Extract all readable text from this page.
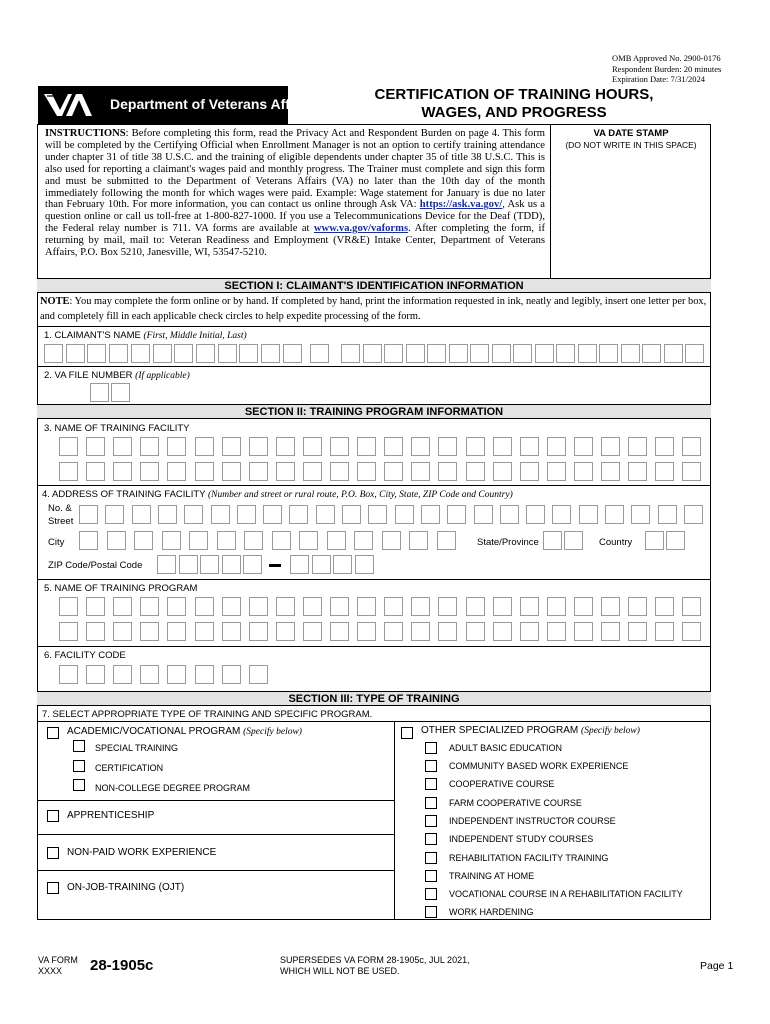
OMB Approved No. 2900-0176
Respondent Burden: 20 minutes
Expiration Date: 7/31/2024
Department of Veterans Affairs
CERTIFICATION OF TRAINING HOURS,
WAGES, AND PROGRESS
INSTRUCTIONS: Before completing this form, read the Privacy Act and Respondent Burden on page 4. This form will be completed by the Certifying Official when Enrollment Manager is not an option to certify training attendance under chapter 31 of title 38 U.S.C. and the training of eligible dependents under chapter 35 of title 38 U.S.C. This is also used for reporting a claimant's wages paid and monthly progress. The Trainer must complete and sign this form and must be submitted to the Department of Veterans Affairs (VA) no later than the 10th day of the month immediately following the month for which wages were paid. Example: Wage statement for January is due no later than February 10th. For more information, you can contact us online through Ask VA: https://ask.va.gov/, Ask us a question online or call us toll-free at 1-800-827-1000. If you use a Telecommunications Device for the Deaf (TDD), the Federal relay number is 711. VA forms are available at www.va.gov/vaforms. After completing the form, if returning by mail, mail to: Veteran Readiness and Employment (VR&E) Intake Center, Department of Veterans Affairs, P.O. Box 5210, Janesville, WI, 53547-5210.
VA DATE STAMP
(DO NOT WRITE IN THIS SPACE)
SECTION I: CLAIMANT'S IDENTIFICATION INFORMATION
NOTE: You may complete the form online or by hand. If completed by hand, print the information requested in ink, neatly and legibly, insert one letter per box, and completely fill in each applicable check circles to help expedite processing of the form.
1. CLAIMANT'S NAME (First, Middle Initial, Last)
2. VA FILE NUMBER (If applicable)
SECTION II: TRAINING PROGRAM INFORMATION
3. NAME OF TRAINING FACILITY
4. ADDRESS OF TRAINING FACILITY (Number and street or rural route, P.O. Box, City, State, ZIP Code and Country)
No. &
Street
City	State/Province	Country
ZIP Code/Postal Code
5. NAME OF TRAINING PROGRAM
6. FACILITY CODE
SECTION III: TYPE OF TRAINING
7. SELECT APPROPRIATE TYPE OF TRAINING AND SPECIFIC PROGRAM.
ACADEMIC/VOCATIONAL PROGRAM (Specify below)
SPECIAL TRAINING
CERTIFICATION
NON-COLLEGE DEGREE PROGRAM
APPRENTICESHIP
NON-PAID WORK EXPERIENCE
ON-JOB-TRAINING (OJT)
OTHER SPECIALIZED PROGRAM (Specify below)
ADULT BASIC EDUCATION
COMMUNITY BASED WORK EXPERIENCE
COOPERATIVE COURSE
FARM COOPERATIVE COURSE
INDEPENDENT INSTRUCTOR COURSE
INDEPENDENT STUDY COURSES
REHABILITATION FACILITY TRAINING
TRAINING AT HOME
VOCATIONAL COURSE IN A REHABILITATION FACILITY
WORK HARDENING
VA FORM
XXXX	28-1905c	SUPERSEDES VA FORM 28-1905c, JUL 2021,
WHICH WILL NOT BE USED.	Page 1
